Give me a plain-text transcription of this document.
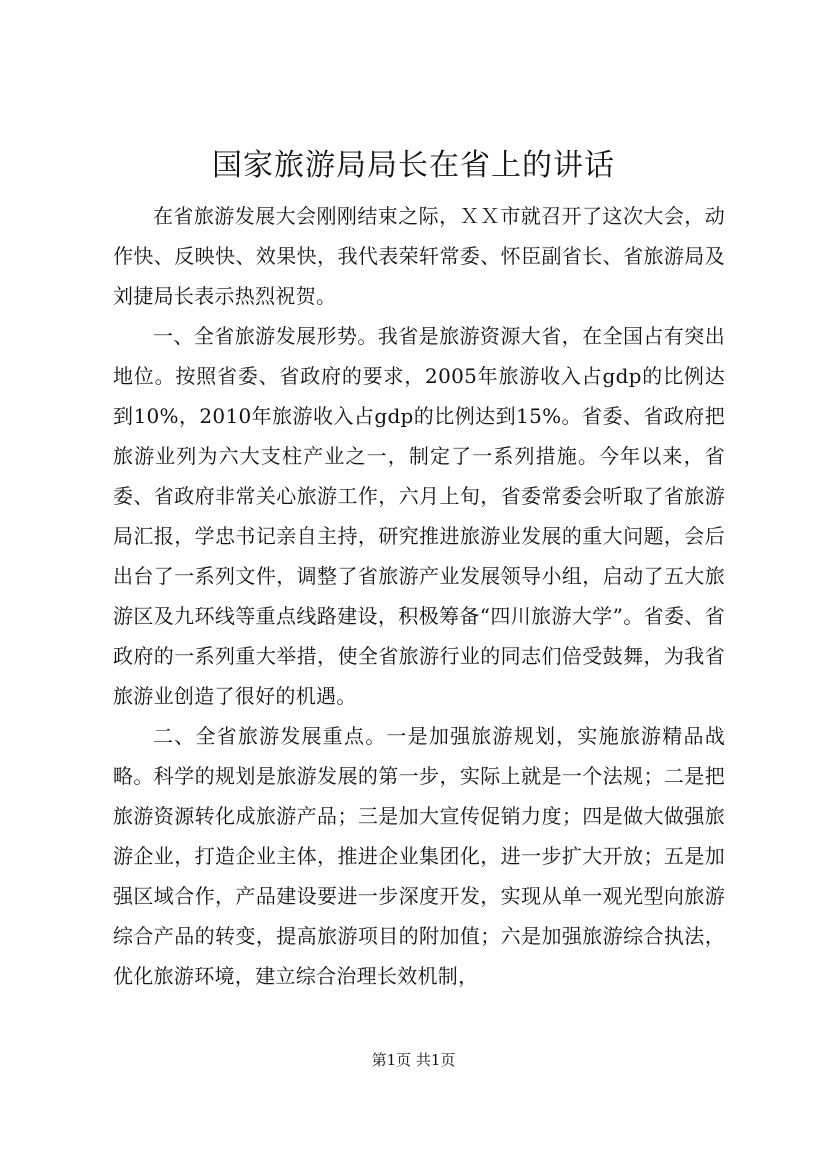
国家旅游局局长在省上的讲话

在省旅游发展大会刚刚结束之际，ＸＸ市就召开了这次大会，动作快、反映快、效果快，我代表荣轩常委、怀臣副省长、省旅游局及刘捷局长表示热烈祝贺。

一、全省旅游发展形势。我省是旅游资源大省，在全国占有突出地位。按照省委、省政府的要求，2005年旅游收入占gdp的比例达到10%，2010年旅游收入占gdp的比例达到15%。省委、省政府把旅游业列为六大支柱产业之一，制定了一系列措施。今年以来，省委、省政府非常关心旅游工作，六月上旬，省委常委会听取了省旅游局汇报，学忠书记亲自主持，研究推进旅游业发展的重大问题，会后出台了一系列文件，调整了省旅游产业发展领导小组，启动了五大旅游区及九环线等重点线路建设，积极筹备“四川旅游大学”。省委、省政府的一系列重大举措，使全省旅游行业的同志们倍受鼓舞，为我省旅游业创造了很好的机遇。

二、全省旅游发展重点。一是加强旅游规划，实施旅游精品战略。科学的规划是旅游发展的第一步，实际上就是一个法规；二是把旅游资源转化成旅游产品；三是加大宣传促销力度；四是做大做强旅游企业，打造企业主体，推进企业集团化，进一步扩大开放；五是加强区域合作，产品建设要进一步深度开发，实现从单一观光型向旅游综合产品的转变，提高旅游项目的附加值；六是加强旅游综合执法，优化旅游环境，建立综合治理长效机制，

第1页 共1页
